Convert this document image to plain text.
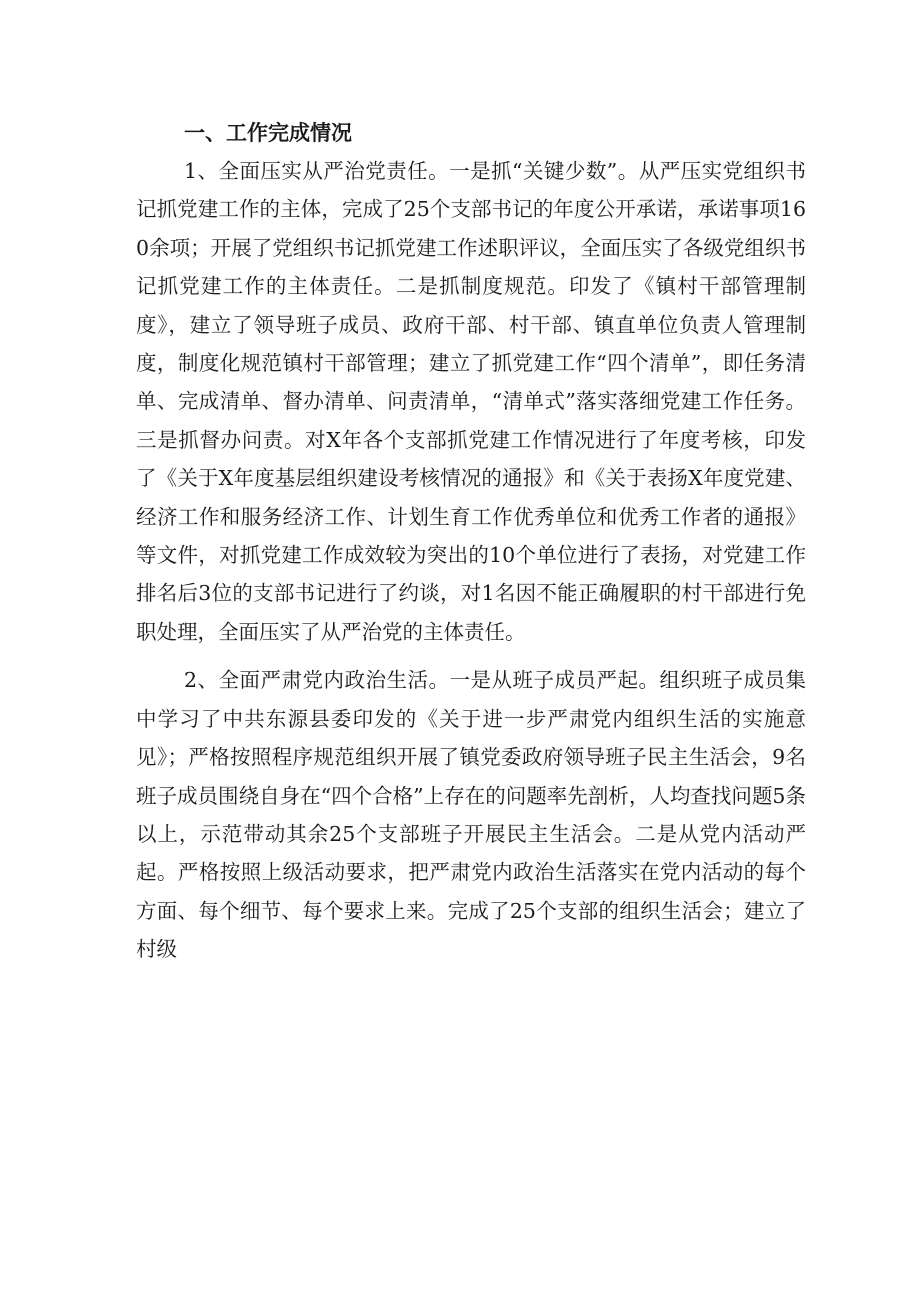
一、工作完成情况

1、全面压实从严治党责任。一是抓“关键少数”。从严压实党组织书记抓党建工作的主体，完成了25个支部书记的年度公开承诺，承诺事项160余项；开展了党组织书记抓党建工作述职评议，全面压实了各级党组织书记抓党建工作的主体责任。二是抓制度规范。印发了《镇村干部管理制度》，建立了领导班子成员、政府干部、村干部、镇直单位负责人管理制度，制度化规范镇村干部管理；建立了抓党建工作“四个清单”，即任务清单、完成清单、督办清单、问责清单，“清单式”落实落细党建工作任务。三是抓督办问责。对X年各个支部抓党建工作情况进行了年度考核，印发了《关于X年度基层组织建设考核情况的通报》和《关于表扬X年度党建、经济工作和服务经济工作、计划生育工作优秀单位和优秀工作者的通报》等文件，对抓党建工作成效较为突出的10个单位进行了表扬，对党建工作排名后3位的支部书记进行了约谈，对1名因不能正确履职的村干部进行免职处理，全面压实了从严治党的主体责任。

2、全面严肃党内政治生活。一是从班子成员严起。组织班子成员集中学习了中共东源县委印发的《关于进一步严肃党内组织生活的实施意见》；严格按照程序规范组织开展了镇党委政府领导班子民主生活会，9名班子成员围绕自身在“四个合格”上存在的问题率先剖析，人均查找问题5条以上，示范带动其余25个支部班子开展民主生活会。二是从党内活动严起。严格按照上级活动要求，把严肃党内政治生活落实在党内活动的每个方面、每个细节、每个要求上来。完成了25个支部的组织生活会；建立了村级
